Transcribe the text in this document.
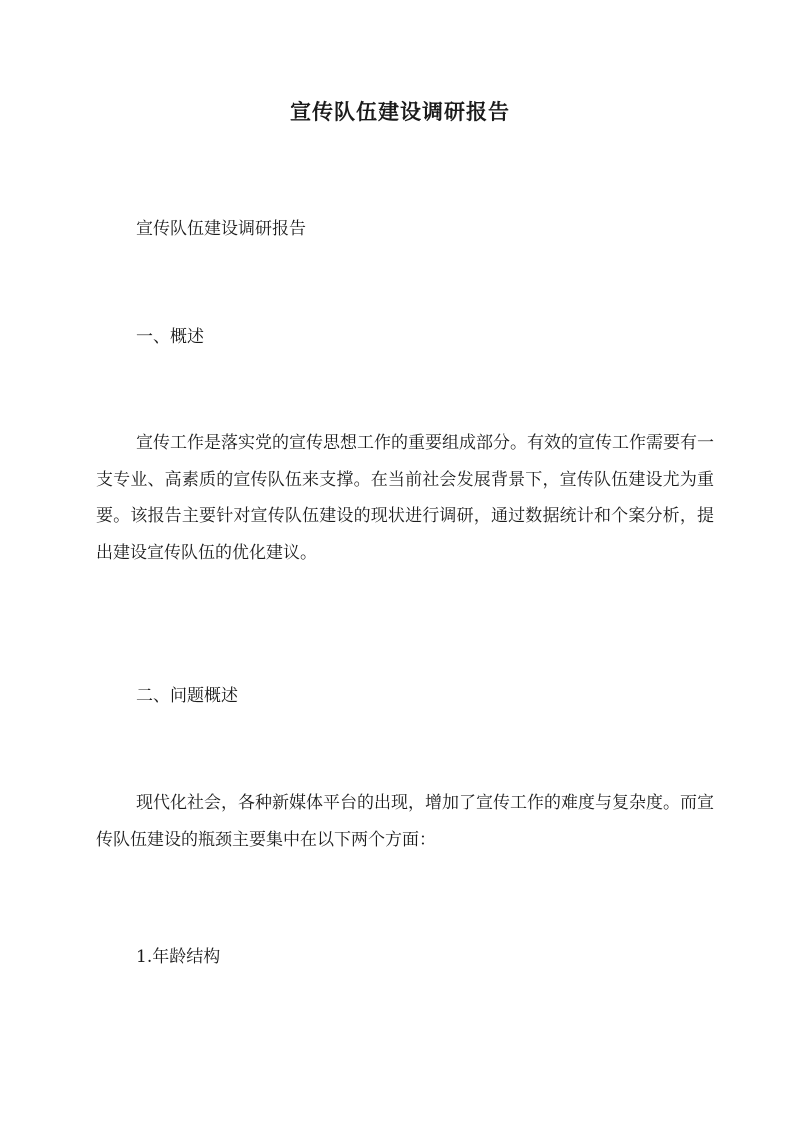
宣传队伍建设调研报告
宣传队伍建设调研报告
一、概述
宣传工作是落实党的宣传思想工作的重要组成部分。有效的宣传工作需要有一支专业、高素质的宣传队伍来支撑。在当前社会发展背景下，宣传队伍建设尤为重要。该报告主要针对宣传队伍建设的现状进行调研，通过数据统计和个案分析，提出建设宣传队伍的优化建议。
二、问题概述
现代化社会，各种新媒体平台的出现，增加了宣传工作的难度与复杂度。而宣传队伍建设的瓶颈主要集中在以下两个方面：
1.年龄结构
